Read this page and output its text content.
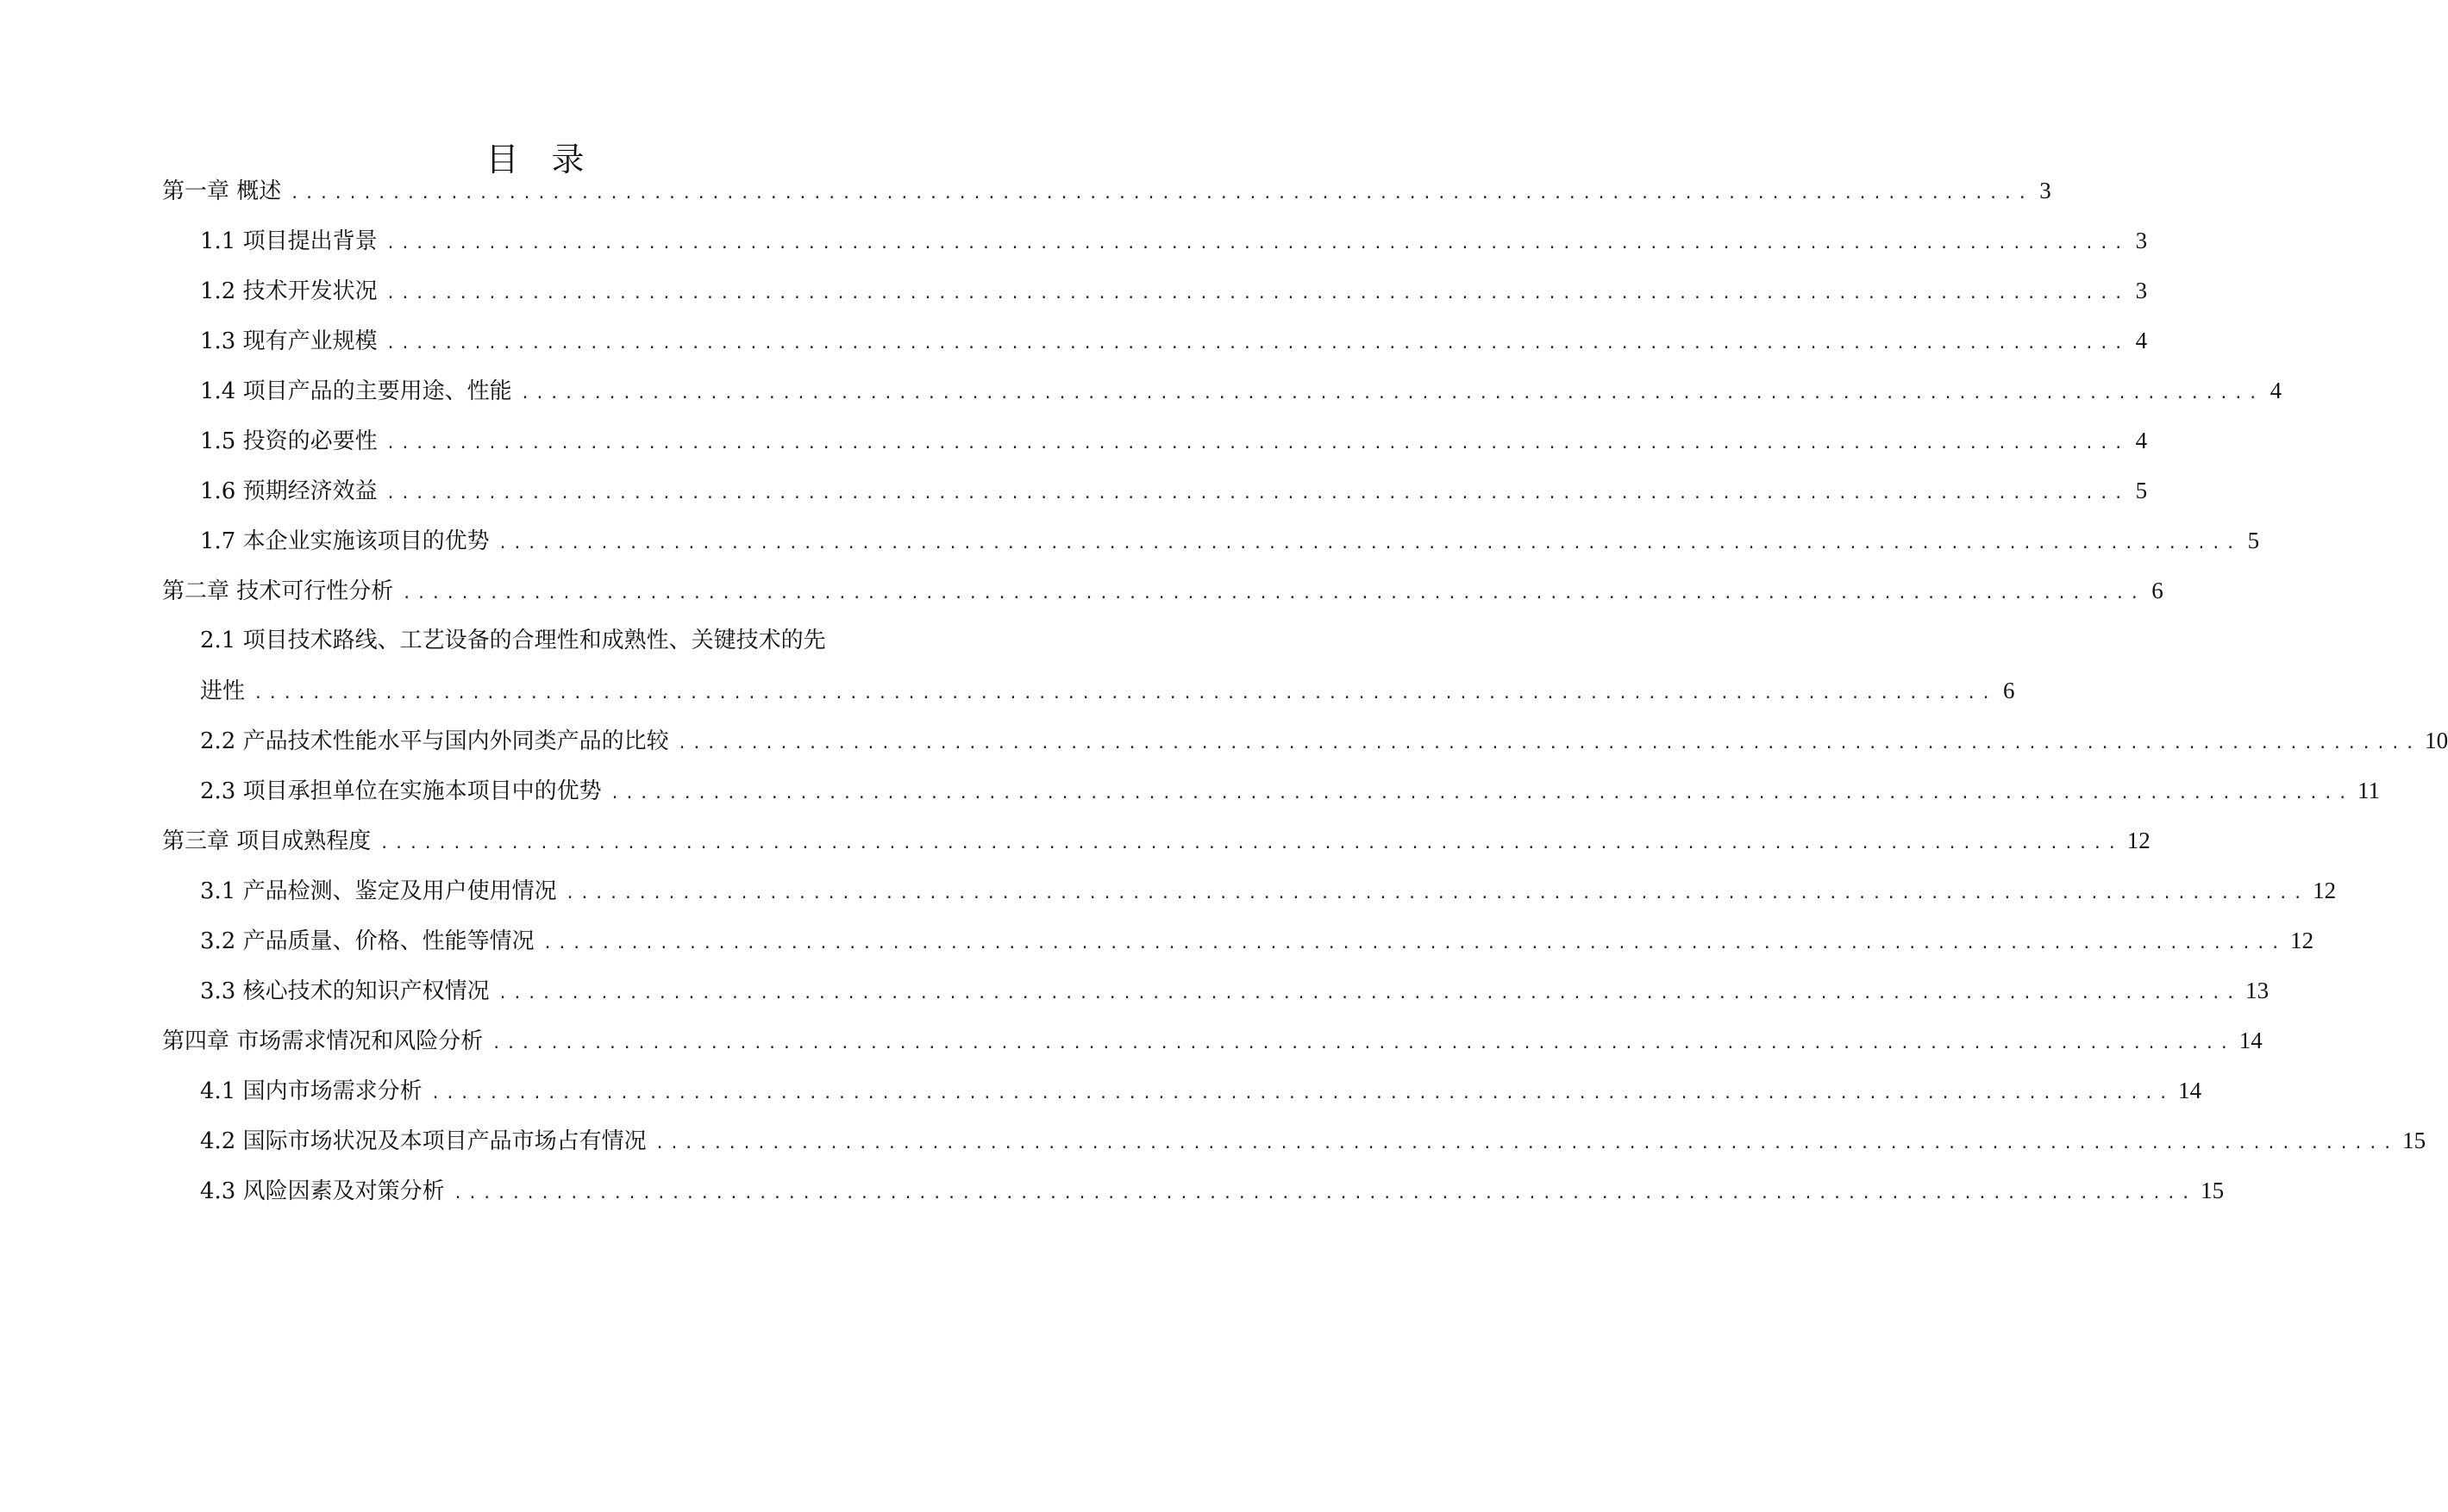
目　录
第一章 概述 ........................................................................................................................ 3
1.1 项目提出背景 ........................................................................................................................ 3
1.2 技术开发状况 ........................................................................................................................ 3
1.3 现有产业规模 ........................................................................................................................ 4
1.4 项目产品的主要用途、性能 ........................................................................................................................ 4
1.5 投资的必要性 ........................................................................................................................ 4
1.6 预期经济效益 ........................................................................................................................ 5
1.7 本企业实施该项目的优势 ........................................................................................................................ 5
第二章 技术可行性分析 ........................................................................................................................ 6
2.1 项目技术路线、工艺设备的合理性和成熟性、关键技术的先
进性 ........................................................................................................................ 6
2.2 产品技术性能水平与国内外同类产品的比较 ........................................................................................................................ 10
2.3 项目承担单位在实施本项目中的优势 ........................................................................................................................ 11
第三章 项目成熟程度 ........................................................................................................................ 12
3.1 产品检测、鉴定及用户使用情况 ........................................................................................................................ 12
3.2 产品质量、价格、性能等情况 ........................................................................................................................ 12
3.3 核心技术的知识产权情况 ........................................................................................................................ 13
第四章 市场需求情况和风险分析 ........................................................................................................................ 14
4.1 国内市场需求分析 ........................................................................................................................ 14
4.2 国际市场状况及本项目产品市场占有情况 ........................................................................................................................ 15
4.3 风险因素及对策分析 ........................................................................................................................ 15
